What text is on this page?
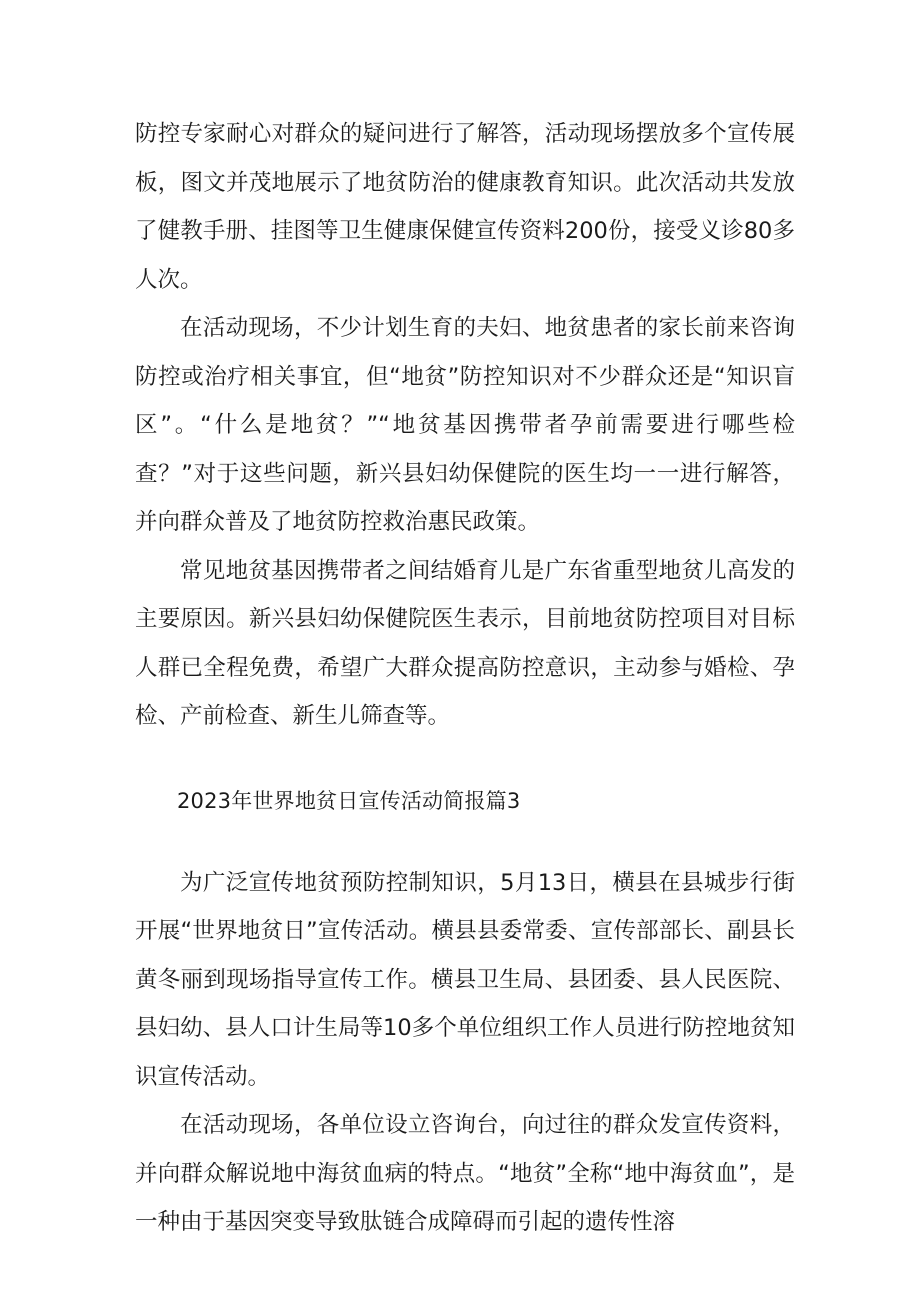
防控专家耐心对群众的疑问进行了解答，活动现场摆放多个宣传展板，图文并茂地展示了地贫防治的健康教育知识。此次活动共发放了健教手册、挂图等卫生健康保健宣传资料200份，接受义诊80多人次。

在活动现场，不少计划生育的夫妇、地贫患者的家长前来咨询防控或治疗相关事宜，但“地贫”防控知识对不少群众还是“知识盲区”。“什么是地贫？”“地贫基因携带者孕前需要进行哪些检查？”对于这些问题，新兴县妇幼保健院的医生均一一进行解答，并向群众普及了地贫防控救治惠民政策。

常见地贫基因携带者之间结婚育儿是广东省重型地贫儿高发的主要原因。新兴县妇幼保健院医生表示，目前地贫防控项目对目标人群已全程免费，希望广大群众提高防控意识，主动参与婚检、孕检、产前检查、新生儿筛查等。

2023年世界地贫日宣传活动简报篇3

为广泛宣传地贫预防控制知识，5月13日，横县在县城步行街开展“世界地贫日”宣传活动。横县县委常委、宣传部部长、副县长黄冬丽到现场指导宣传工作。横县卫生局、县团委、县人民医院、县妇幼、县人口计生局等10多个单位组织工作人员进行防控地贫知识宣传活动。

在活动现场，各单位设立咨询台，向过往的群众发宣传资料，并向群众解说地中海贫血病的特点。“地贫”全称“地中海贫血”，是一种由于基因突变导致肽链合成障碍而引起的遗传性溶
